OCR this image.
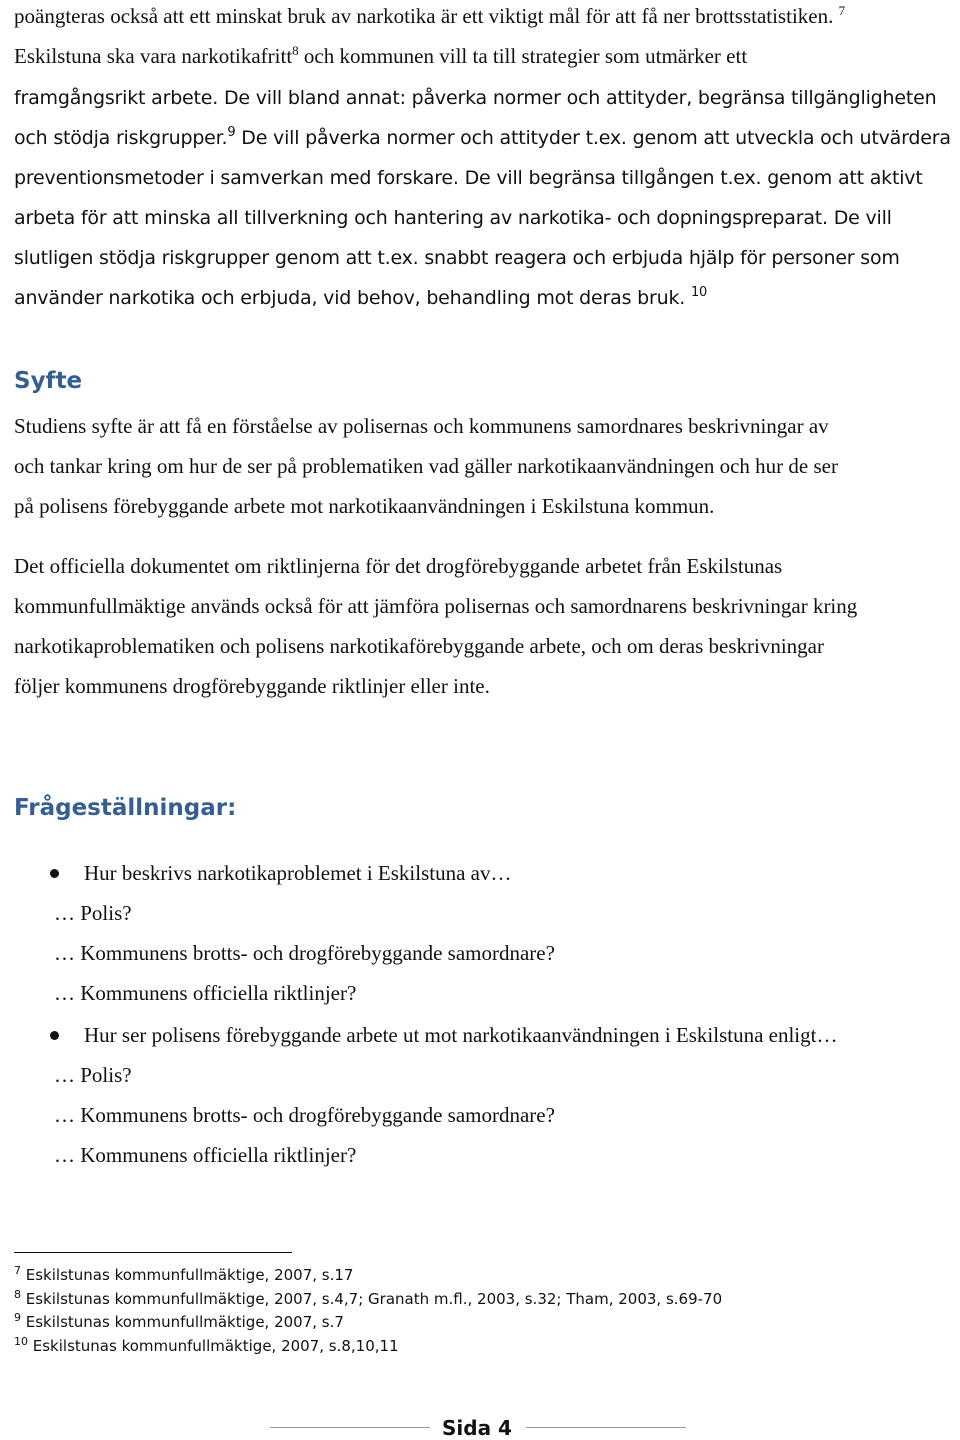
poängteras också att ett minskat bruk av narkotika är ett viktigt mål för att få ner brottsstatistiken. $^7$
Eskilstuna ska vara narkotikafritt$^8$ och kommunen vill ta till strategier som utmärker ett
framgångsrikt arbete. De vill bland annat: påverka normer och attityder, begränsa tillgängligheten
och stödja riskgrupper.$^9$ De vill påverka normer och attityder t.ex. genom att utveckla och utvärdera
preventionsmetoder i samverkan med forskare. De vill begränsa tillgången t.ex. genom att aktivt
arbeta för att minska all tillverkning och hantering av narkotika- och dopningspreparat. De vill
slutligen stödja riskgrupper genom att t.ex. snabbt reagera och erbjuda hjälp för personer som
använder narkotika och erbjuda, vid behov, behandling mot deras bruk. $^{10}$
Syfte
Studiens syfte är att få en förståelse av polisernas och kommunens samordnares beskrivningar av
och tankar kring om hur de ser på problematiken vad gäller narkotikaanvändningen och hur de ser
på polisens förebyggande arbete mot narkotikaanvändningen i Eskilstuna kommun.
Det officiella dokumentet om riktlinjerna för det drogförebyggande arbetet från Eskilstunas
kommunfullmäktige används också för att jämföra polisernas och samordnarens beskrivningar kring
narkotikaproblematiken och polisens narkotikaförebyggande arbete, och om deras beskrivningar
följer kommunens drogförebyggande riktlinjer eller inte.
Frågeställningar:
Hur beskrivs narkotikaproblemet i Eskilstuna av…
… Polis?
… Kommunens brotts- och drogförebyggande samordnare?
… Kommunens officiella riktlinjer?
Hur ser polisens förebyggande arbete ut mot narkotikaanvändningen i Eskilstuna enligt…
… Polis?
… Kommunens brotts- och drogförebyggande samordnare?
… Kommunens officiella riktlinjer?
$^7$ Eskilstunas kommunfullmäktige, 2007, s.17
$^8$ Eskilstunas kommunfullmäktige, 2007, s.4,7; Granath m.fl., 2003, s.32; Tham, 2003, s.69-70
$^9$ Eskilstunas kommunfullmäktige, 2007, s.7
$^{10}$ Eskilstunas kommunfullmäktige, 2007, s.8,10,11
Sida 4
